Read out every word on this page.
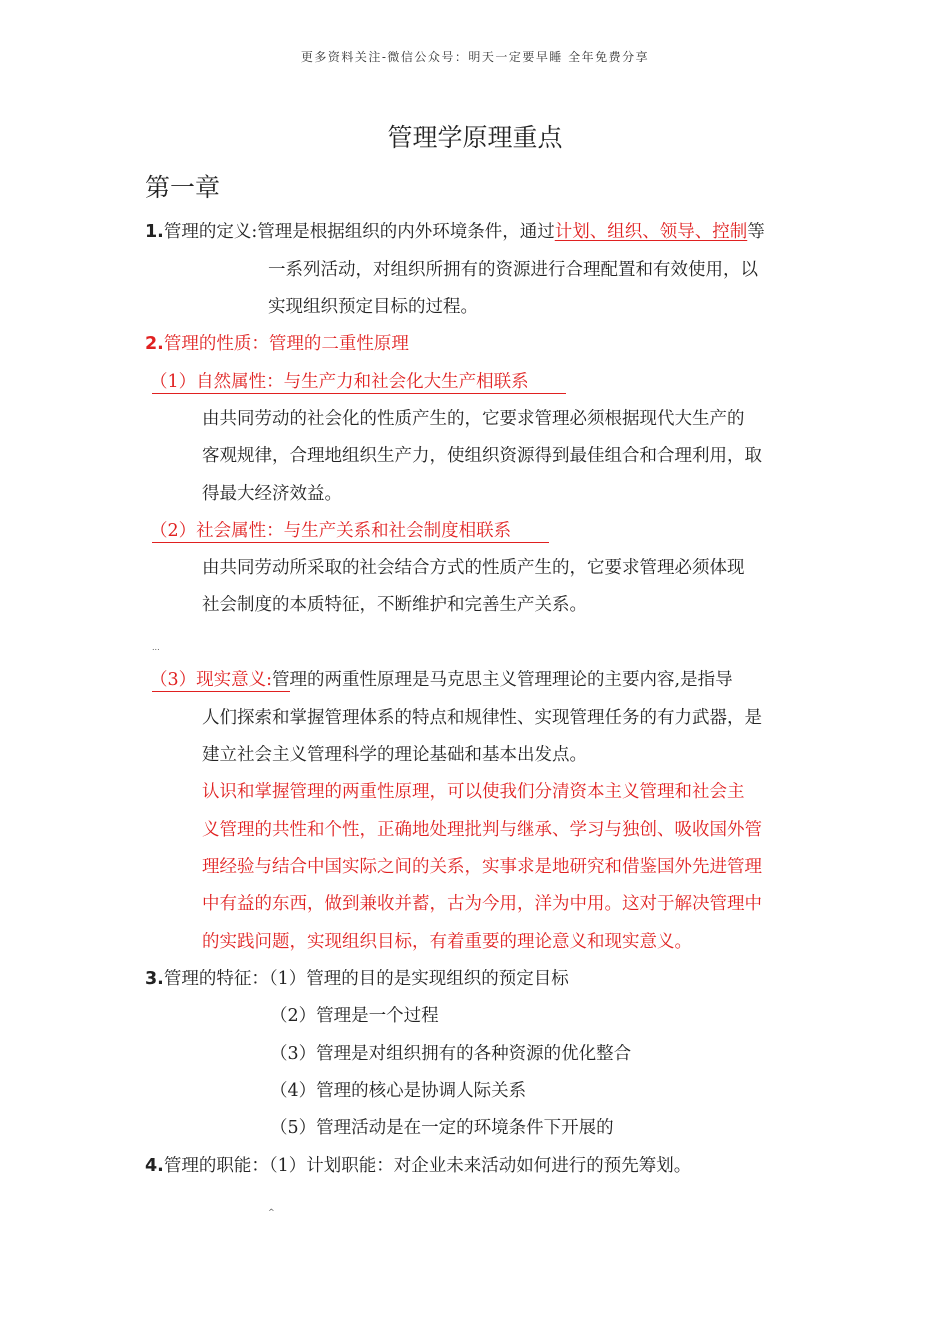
更多资料关注-微信公众号：明天一定要早睡 全年免费分享
管理学原理重点
第一章
1.管理的定义:管理是根据组织的内外环境条件，通过计划、组织、领导、控制等
一系列活动，对组织所拥有的资源进行合理配置和有效使用，以
实现组织预定目标的过程。
2.管理的性质：管理的二重性原理
（1）自然属性：与生产力和社会化大生产相联系
由共同劳动的社会化的性质产生的，它要求管理必须根据现代大生产的
客观规律，合理地组织生产力，使组织资源得到最佳组合和合理利用，取
得最大经济效益。
（2）社会属性：与生产关系和社会制度相联系
由共同劳动所采取的社会结合方式的性质产生的，它要求管理必须体现
社会制度的本质特征，不断维护和完善生产关系。
...
（3）现实意义:管理的两重性原理是马克思主义管理理论的主要内容,是指导
人们探索和掌握管理体系的特点和规律性、实现管理任务的有力武器，是
建立社会主义管理科学的理论基础和基本出发点。
认识和掌握管理的两重性原理，可以使我们分清资本主义管理和社会主
义管理的共性和个性，正确地处理批判与继承、学习与独创、吸收国外管
理经验与结合中国实际之间的关系，实事求是地研究和借鉴国外先进管理
中有益的东西，做到兼收并蓄，古为今用，洋为中用。这对于解决管理中
的实践问题，实现组织目标，有着重要的理论意义和现实意义。
3.管理的特征：（1）管理的目的是实现组织的预定目标
（2）管理是一个过程
（3）管理是对组织拥有的各种资源的优化整合
（4）管理的核心是协调人际关系
（5）管理活动是在一定的环境条件下开展的
4.管理的职能：（1）计划职能：对企业未来活动如何进行的预先筹划。
^
